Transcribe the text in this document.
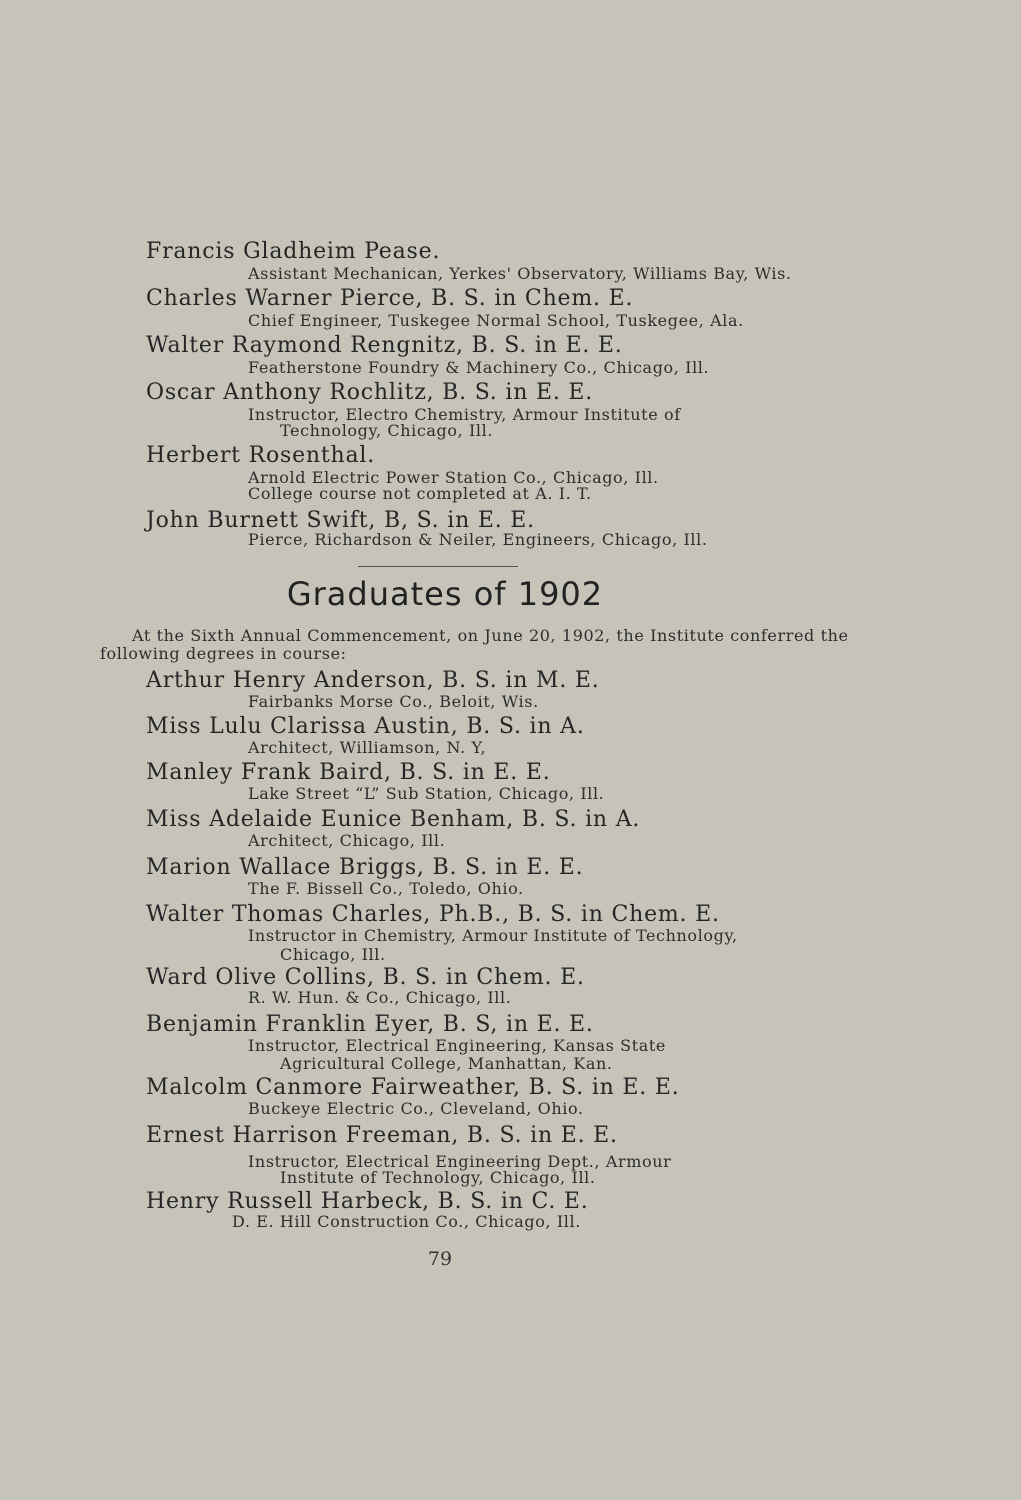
Francis Gladheim Pease.
Assistant Mechanican, Yerkes' Observatory, Williams Bay, Wis.
Charles Warner Pierce, B. S. in Chem. E.
Chief Engineer, Tuskegee Normal School, Tuskegee, Ala.
Walter Raymond Rengnitz, B. S. in E. E.
Featherstone Foundry & Machinery Co., Chicago, Ill.
Oscar Anthony Rochlitz, B. S. in E. E.
Instructor, Electro Chemistry, Armour Institute of
Technology, Chicago, Ill.
Herbert Rosenthal.
Arnold Electric Power Station Co., Chicago, Ill.
College course not completed at A. I. T.
John Burnett Swift, B, S. in E. E.
Pierce, Richardson & Neiler, Engineers, Chicago, Ill.
Graduates of 1902
At the Sixth Annual Commencement, on June 20, 1902, the Institute conferred the
following degrees in course:
Arthur Henry Anderson, B. S. in M. E.
Fairbanks Morse Co., Beloit, Wis.
Miss Lulu Clarissa Austin, B. S. in A.
Architect, Williamson, N. Y,
Manley Frank Baird, B. S. in E. E.
Lake Street “L” Sub Station, Chicago, Ill.
Miss Adelaide Eunice Benham, B. S. in A.
Architect, Chicago, Ill.
Marion Wallace Briggs, B. S. in E. E.
The F. Bissell Co., Toledo, Ohio.
Walter Thomas Charles, Ph.B., B. S. in Chem. E.
Instructor in Chemistry, Armour Institute of Technology,
Chicago, Ill.
Ward Olive Collins, B. S. in Chem. E.
R. W. Hun. & Co., Chicago, Ill.
Benjamin Franklin Eyer, B. S, in E. E.
Instructor, Electrical Engineering, Kansas State
Agricultural College, Manhattan, Kan.
Malcolm Canmore Fairweather, B. S. in E. E.
Buckeye Electric Co., Cleveland, Ohio.
Ernest Harrison Freeman, B. S. in E. E.
Instructor, Electrical Engineering Dept., Armour
Institute of Technology, Chicago, Ill.
Henry Russell Harbeck, B. S. in C. E.
D. E. Hill Construction Co., Chicago, Ill.
79
